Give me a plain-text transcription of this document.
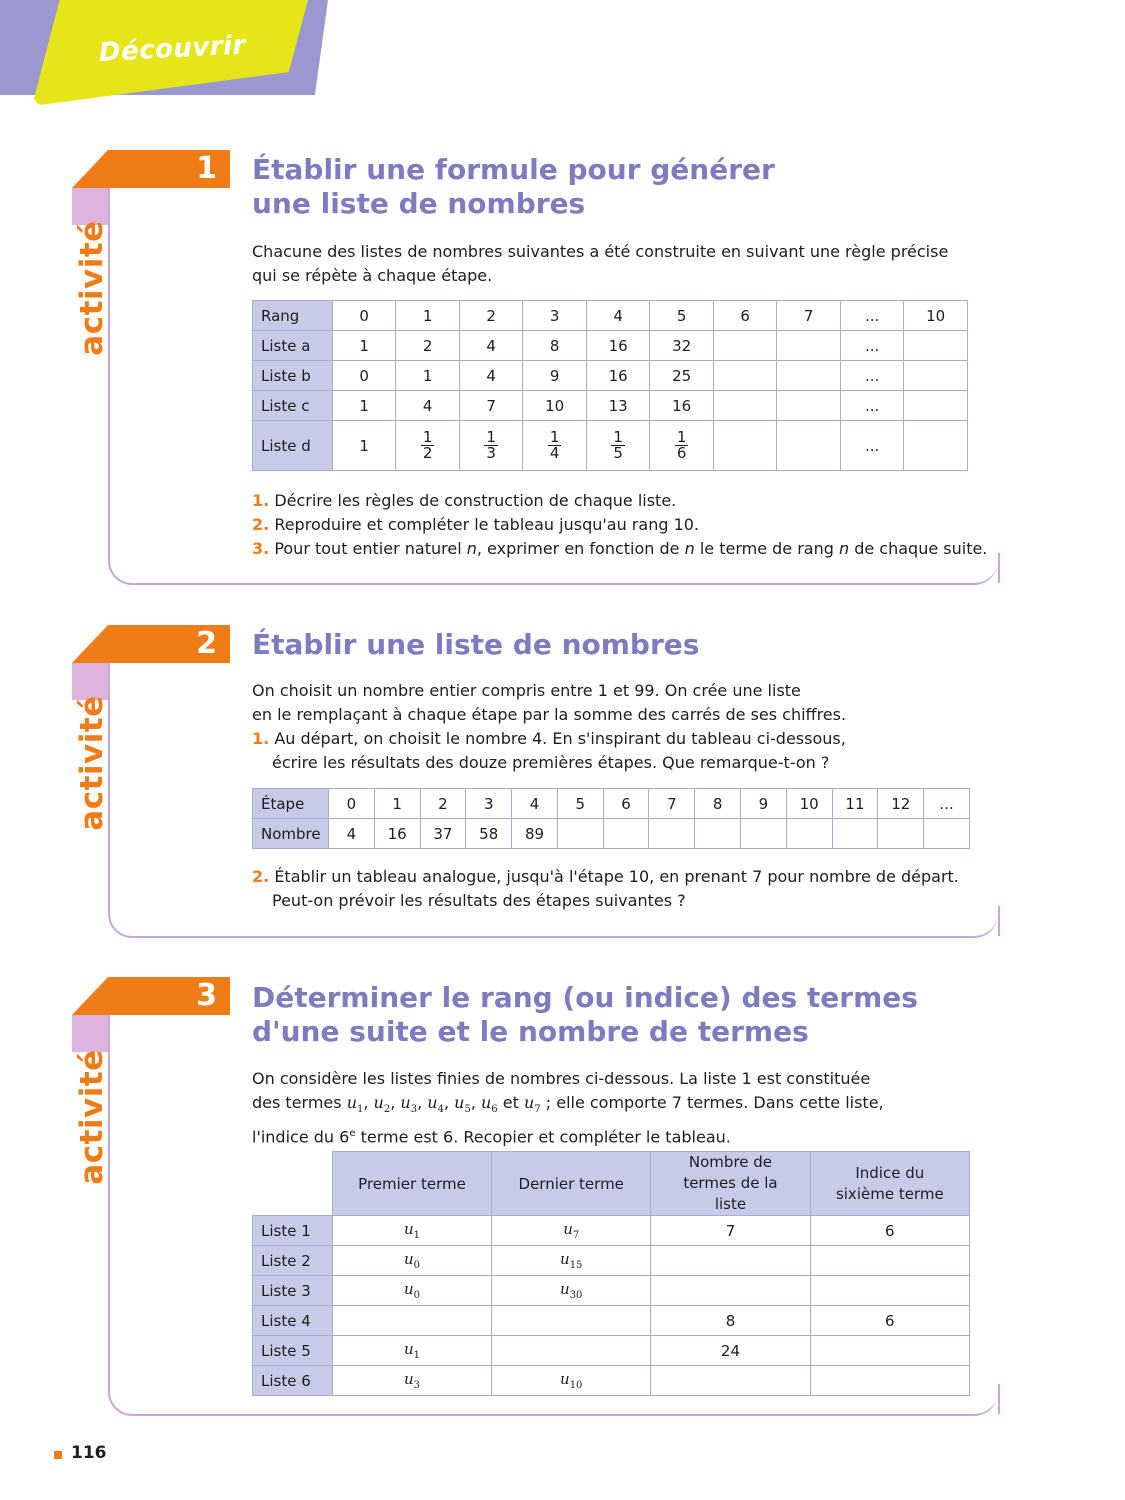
Découvrir
1
activité
Établir une formule pour générer
une liste de nombres
Chacune des listes de nombres suivantes a été construite en suivant une règle précise
qui se répète à chaque étape.
Rang	0	1	2	3	4	5	6	7	...	10
Liste a	1	2	4	8	16	32			...	
Liste b	0	1	4	9	16	25			...	
Liste c	1	4	7	10	13	16			...	
Liste d	1	$\frac{1}{2}$	$\frac{1}{3}$	$\frac{1}{4}$	$\frac{1}{5}$	$\frac{1}{6}$			...	
1. Décrire les règles de construction de chaque liste.
2. Reproduire et compléter le tableau jusqu'au rang 10.
3. Pour tout entier naturel n, exprimer en fonction de n le terme de rang n de chaque suite.
2
activité
Établir une liste de nombres
On choisit un nombre entier compris entre 1 et 99. On crée une liste
en le remplaçant à chaque étape par la somme des carrés de ses chiffres.
1. Au départ, on choisit le nombre 4. En s'inspirant du tableau ci-dessous,
écrire les résultats des douze premières étapes. Que remarque-t-on ?
Étape	0	1	2	3	4	5	6	7	8	9	10	11	12	...
Nombre	4	16	37	58	89									
2. Établir un tableau analogue, jusqu'à l'étape 10, en prenant 7 pour nombre de départ.
Peut-on prévoir les résultats des étapes suivantes ?
3
activité
Déterminer le rang (ou indice) des termes
d'une suite et le nombre de termes
On considère les listes finies de nombres ci-dessous. La liste 1 est constituée
des termes $u_1$, $u_2$, $u_3$, $u_4$, $u_5$, $u_6$ et $u_7$ ; elle comporte 7 termes. Dans cette liste,
l'indice du 6e terme est 6. Recopier et compléter le tableau.
	Premier terme	Dernier terme	Nombre de termes de la liste	Indice du sixième terme
Liste 1	$u_1$	$u_7$	7	6
Liste 2	$u_0$	$u_{15}$		
Liste 3	$u_0$	$u_{30}$		
Liste 4			8	6
Liste 5	$u_1$		24	
Liste 6	$u_3$	$u_{10}$		
116
